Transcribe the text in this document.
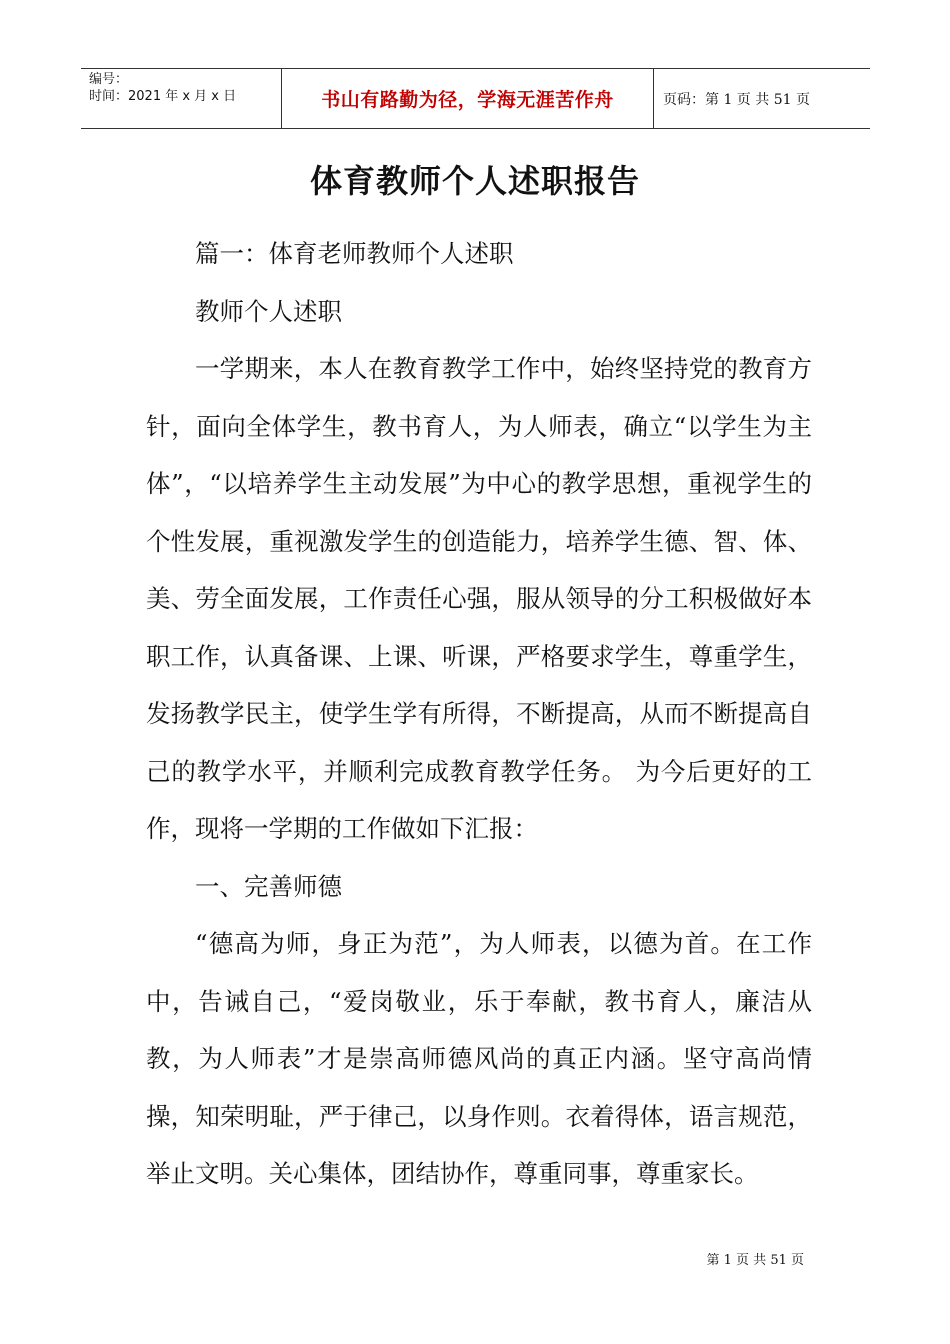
编号：
时间：2021 年 x 月 x 日	书山有路勤为径，学海无涯苦作舟	页码：第 1 页 共 51 页
体育教师个人述职报告

篇一：体育老师教师个人述职

教师个人述职

一学期来，本人在教育教学工作中，始终坚持党的教育方针，面向全体学生，教书育人，为人师表，确立“以学生为主体”，“以培养学生主动发展”为中心的教学思想，重视学生的个性发展，重视激发学生的创造能力，培养学生德、智、体、美、劳全面发展，工作责任心强，服从领导的分工积极做好本职工作，认真备课、上课、听课，严格要求学生，尊重学生，发扬教学民主，使学生学有所得，不断提高，从而不断提高自己的教学水平，并顺利完成教育教学任务。 为今后更好的工作，现将一学期的工作做如下汇报：

一、完善师德

“德高为师，身正为范”，为人师表，以德为首。在工作中，告诫自己，“爱岗敬业，乐于奉献，教书育人，廉洁从教，为人师表”才是崇高师德风尚的真正内涵。坚守高尚情操，知荣明耻，严于律己，以身作则。衣着得体，语言规范，举止文明。关心集体，团结协作，尊重同事，尊重家长。

第 1 页 共 51 页
